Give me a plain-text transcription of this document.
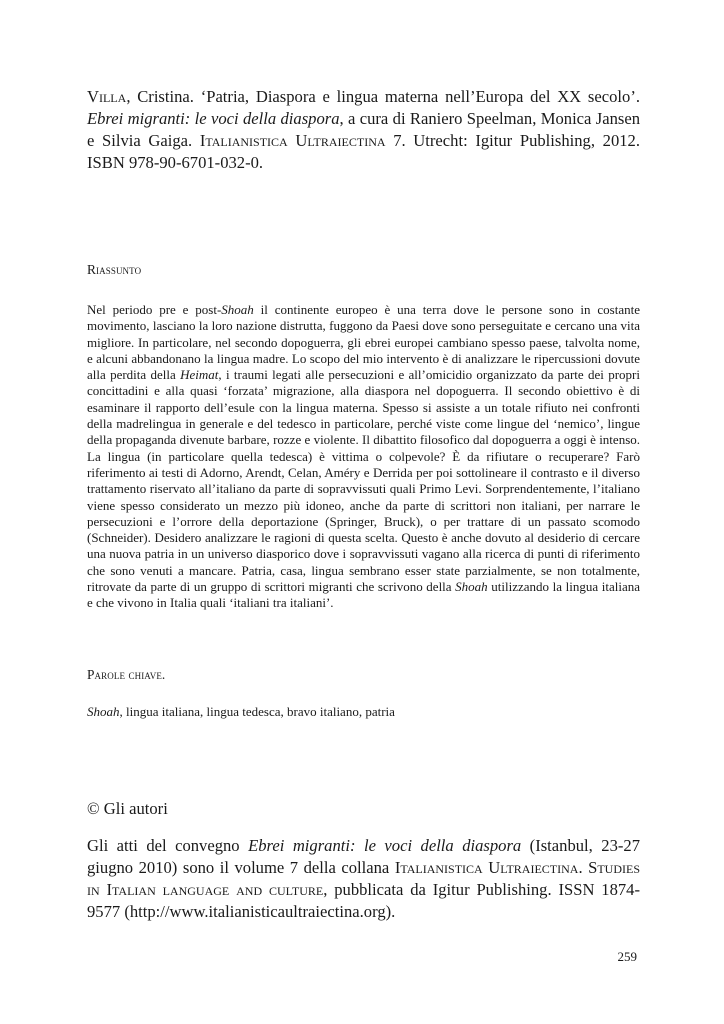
Villa, Cristina. ‘Patria, Diaspora e lingua materna nell’Europa del XX secolo’. Ebrei migranti: le voci della diaspora, a cura di Raniero Speelman, Monica Jansen e Silvia Gaiga. Italianistica Ultraiectina 7. Utrecht: Igitur Publishing, 2012. ISBN 978-90-6701-032-0.

Riassunto

Nel periodo pre e post-Shoah il continente europeo è una terra dove le persone sono in costante movimento, lasciano la loro nazione distrutta, fuggono da Paesi dove sono perseguitate e cercano una vita migliore. In particolare, nel secondo dopoguerra, gli ebrei europei cambiano spesso paese, talvolta nome, e alcuni abbandonano la lingua madre. Lo scopo del mio intervento è di analizzare le ripercussioni dovute alla perdita della Heimat, i traumi legati alle persecuzioni e all’omicidio organizzato da parte dei propri concittadini e alla quasi ‘forzata’ migrazione, alla diaspora nel dopoguerra. Il secondo obiettivo è di esaminare il rapporto dell’esule con la lingua materna. Spesso si assiste a un totale rifiuto nei confronti della madrelingua in generale e del tedesco in particolare, perché viste come lingue del ‘nemico’, lingue della propaganda divenute barbare, rozze e violente. Il dibattito filosofico dal dopoguerra a oggi è intenso. La lingua (in particolare quella tedesca) è vittima o colpevole? È da rifiutare o recuperare? Farò riferimento ai testi di Adorno, Arendt, Celan, Améry e Derrida per poi sottolineare il contrasto e il diverso trattamento riservato all’italiano da parte di sopravvissuti quali Primo Levi. Sorprendentemente, l’italiano viene spesso considerato un mezzo più idoneo, anche da parte di scrittori non italiani, per narrare le persecuzioni e l’orrore della deportazione (Springer, Bruck), o per trattare di un passato scomodo (Schneider). Desidero analizzare le ragioni di questa scelta. Questo è anche dovuto al desiderio di cercare una nuova patria in un universo diasporico dove i sopravvissuti vagano alla ricerca di punti di riferimento che sono venuti a mancare. Patria, casa, lingua sembrano esser state parzialmente, se non totalmente, ritrovate da parte di un gruppo di scrittori migranti che scrivono della Shoah utilizzando la lingua italiana e che vivono in Italia quali ‘italiani tra italiani’.

Parole chiave.

Shoah, lingua italiana, lingua tedesca, bravo italiano, patria

© Gli autori

Gli atti del convegno Ebrei migranti: le voci della diaspora (Istanbul, 23-27 giugno 2010) sono il volume 7 della collana Italianistica Ultraiectina. Studies in Italian language and culture, pubblicata da Igitur Publishing. ISSN 1874-9577 (http://www.italianisticaultraiectina.org).

259
